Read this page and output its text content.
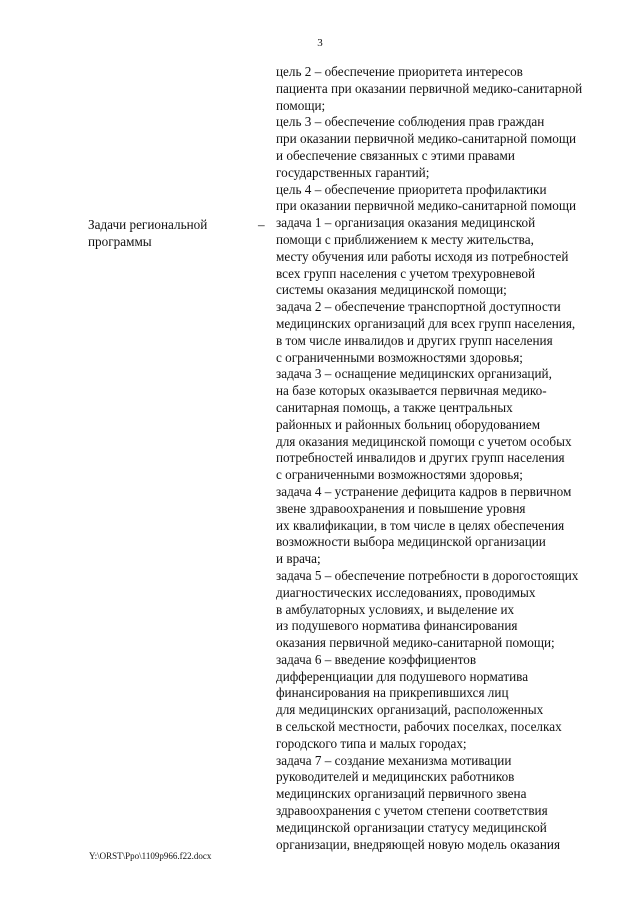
3
Задачи региональной
программы
–
цель 2 – обеспечение приоритета интересов
пациента при оказании первичной медико-санитарной
помощи;
цель 3 – обеспечение соблюдения прав граждан
при оказании первичной медико-санитарной помощи
и обеспечение связанных с этими правами
государственных гарантий;
цель 4 – обеспечение приоритета профилактики
при оказании первичной медико-санитарной помощи
задача 1 – организация оказания медицинской
помощи с приближением к месту жительства,
месту обучения или работы исходя из потребностей
всех групп населения с учетом трехуровневой
системы оказания медицинской помощи;
задача 2 – обеспечение транспортной доступности
медицинских организаций для всех групп населения,
в том числе инвалидов и других групп населения
с ограниченными возможностями здоровья;
задача 3 – оснащение медицинских организаций,
на базе которых оказывается первичная медико-
санитарная помощь, а также центральных
районных и районных больниц оборудованием
для оказания медицинской помощи с учетом особых
потребностей инвалидов и других групп населения
с ограниченными возможностями здоровья;
задача 4 – устранение дефицита кадров в первичном
звене здравоохранения и повышение уровня
их квалификации, в том числе в целях обеспечения
возможности выбора медицинской организации
и врача;
задача 5 – обеспечение потребности в дорогостоящих
диагностических исследованиях, проводимых
в амбулаторных условиях, и выделение их
из подушевого норматива финансирования
оказания первичной медико-санитарной помощи;
задача 6 – введение коэффициентов
дифференциации для подушевого норматива
финансирования на прикрепившихся лиц
для медицинских организаций, расположенных
в сельской местности, рабочих поселках, поселках
городского типа и малых городах;
задача 7 – создание механизма мотивации
руководителей и медицинских работников
медицинских организаций первичного звена
здравоохранения с учетом степени соответствия
медицинской организации статусу медицинской
организации, внедряющей новую модель оказания
Y:\ORST\Ppo\1109p966.f22.docx
